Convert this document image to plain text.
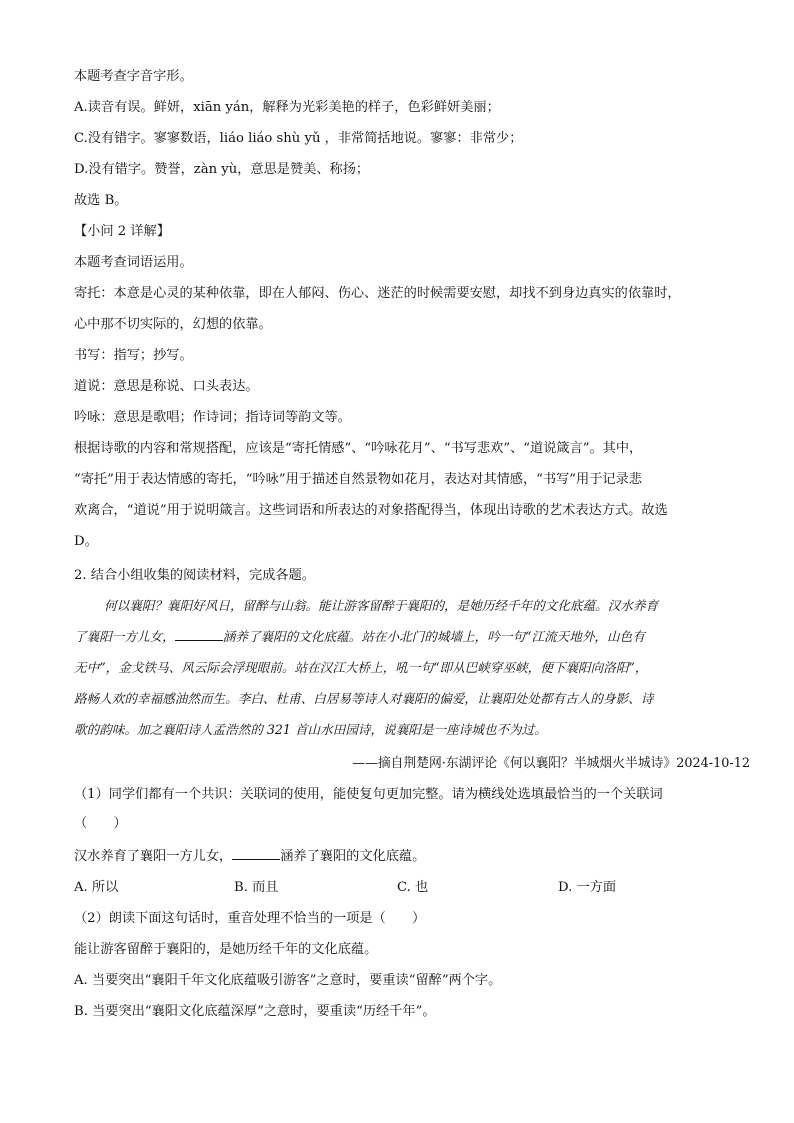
本题考查字音字形。
A.读音有误。鲜妍，xiān yán，解释为光彩美艳的样子，色彩鲜妍美丽；
C.没有错字。寥寥数语，liáo liáo shù yǔ ，非常简括地说。寥寥：非常少；
D.没有错字。赞誉，zàn yù，意思是赞美、称扬；
故选 B。
【小问 2 详解】
本题考查词语运用。
寄托：本意是心灵的某种依靠，即在人郁闷、伤心、迷茫的时候需要安慰，却找不到身边真实的依靠时，
心中那不切实际的，幻想的依靠。
书写：指写；抄写。
道说：意思是称说、口头表达。
吟咏：意思是歌唱；作诗词；指诗词等韵文等。
根据诗歌的内容和常规搭配，应该是“寄托情感”、“吟咏花月”、“书写悲欢”、“道说箴言”。其中，
“寄托”用于表达情感的寄托，“吟咏”用于描述自然景物如花月，表达对其情感，“书写”用于记录悲
欢离合，“道说”用于说明箴言。这些词语和所表达的对象搭配得当，体现出诗歌的艺术表达方式。故选
D。
2. 结合小组收集的阅读材料，完成各题。
何以襄阳？襄阳好风日，留醉与山翁。能让游客留醉于襄阳的，是她历经千年的文化底蕴。汉水养育
了襄阳一方儿女，	涵养了襄阳的文化底蕴。站在小北门的城墙上，吟一句“江流天地外，山色有
无中”，金戈铁马、风云际会浮现眼前。站在汉江大桥上，吼一句“即从巴峡穿巫峡，便下襄阳向洛阳”，
路畅人欢的幸福感油然而生。李白、杜甫、白居易等诗人对襄阳的偏爱，让襄阳处处都有古人的身影、诗
歌的韵味。加之襄阳诗人孟浩然的 321 首山水田园诗，说襄阳是一座诗城也不为过。
——摘自荆楚网·东湖评论《何以襄阳？半城烟火半城诗》2024-10-12
（1）同学们都有一个共识：关联词的使用，能使复句更加完整。请为横线处选填最恰当的一个关联词
（　　）
汉水养育了襄阳一方儿女，	涵养了襄阳的文化底蕴。
A. 所以	B. 而且	C. 也	D. 一方面
（2）朗读下面这句话时，重音处理不恰当的一项是（　　）
能让游客留醉于襄阳的，是她历经千年的文化底蕴。
A. 当要突出“襄阳千年文化底蕴吸引游客”之意时，要重读“留醉”两个字。
B. 当要突出“襄阳文化底蕴深厚”之意时，要重读“历经千年”。
